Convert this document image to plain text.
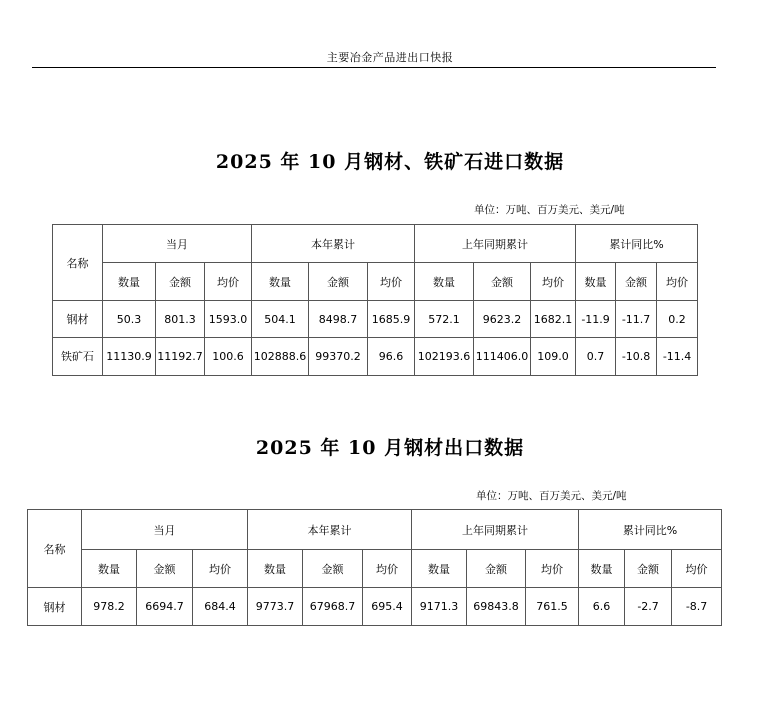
主要冶金产品进出口快报
2025 年 10 月钢材、铁矿石进口数据
单位：万吨、百万美元、美元/吨
名称	当月			本年累计			上年同期累计			累计同比%		
	数量	金额	均价	数量	金额	均价	数量	金额	均价	数量	金额	均价
钢材	50.3	801.3	1593.0	504.1	8498.7	1685.9	572.1	9623.2	1682.1	-11.9	-11.7	0.2
铁矿石	11130.9	11192.7	100.6	102888.6	99370.2	96.6	102193.6	111406.0	109.0	0.7	-10.8	-11.4
2025 年 10 月钢材出口数据
单位：万吨、百万美元、美元/吨
名称	当月			本年累计			上年同期累计			累计同比%		
	数量	金额	均价	数量	金额	均价	数量	金额	均价	数量	金额	均价
钢材	978.2	6694.7	684.4	9773.7	67968.7	695.4	9171.3	69843.8	761.5	6.6	-2.7	-8.7
